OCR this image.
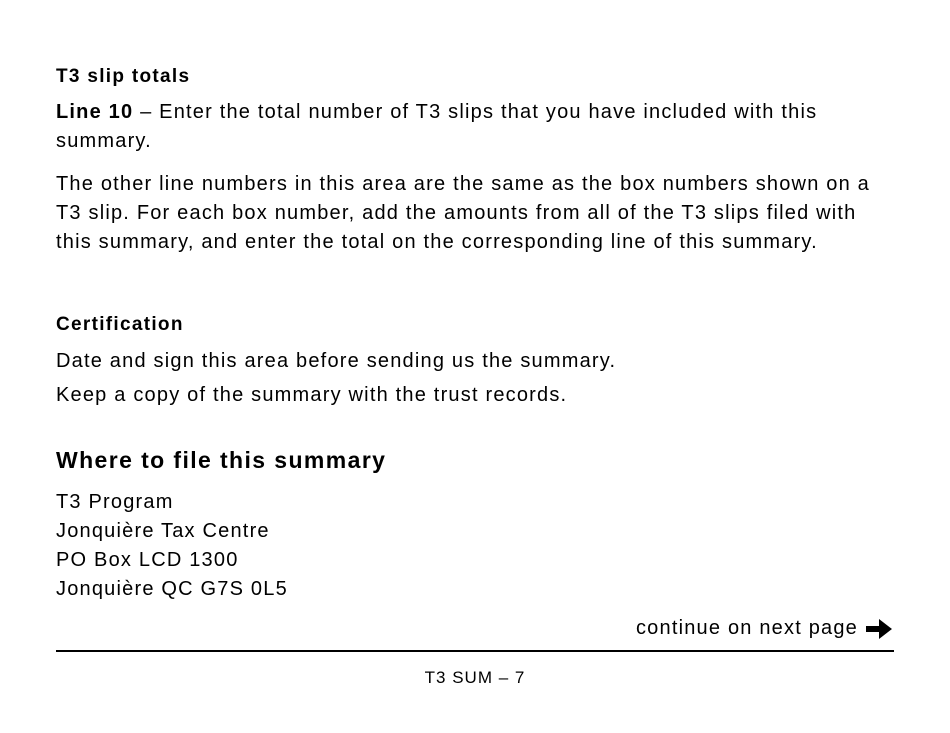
T3 slip totals

Line 10 – Enter the total number of T3 slips that you have included with this summary.

The other line numbers in this area are the same as the box numbers shown on a T3 slip. For each box number, add the amounts from all of the T3 slips filed with this summary, and enter the total on the corresponding line of this summary.

Certification

Date and sign this area before sending us the summary.

Keep a copy of the summary with the trust records.

Where to file this summary
T3 Program
Jonquière Tax Centre
PO Box LCD 1300
Jonquière QC G7S 0L5
continue on next page
T3 SUM – 7
